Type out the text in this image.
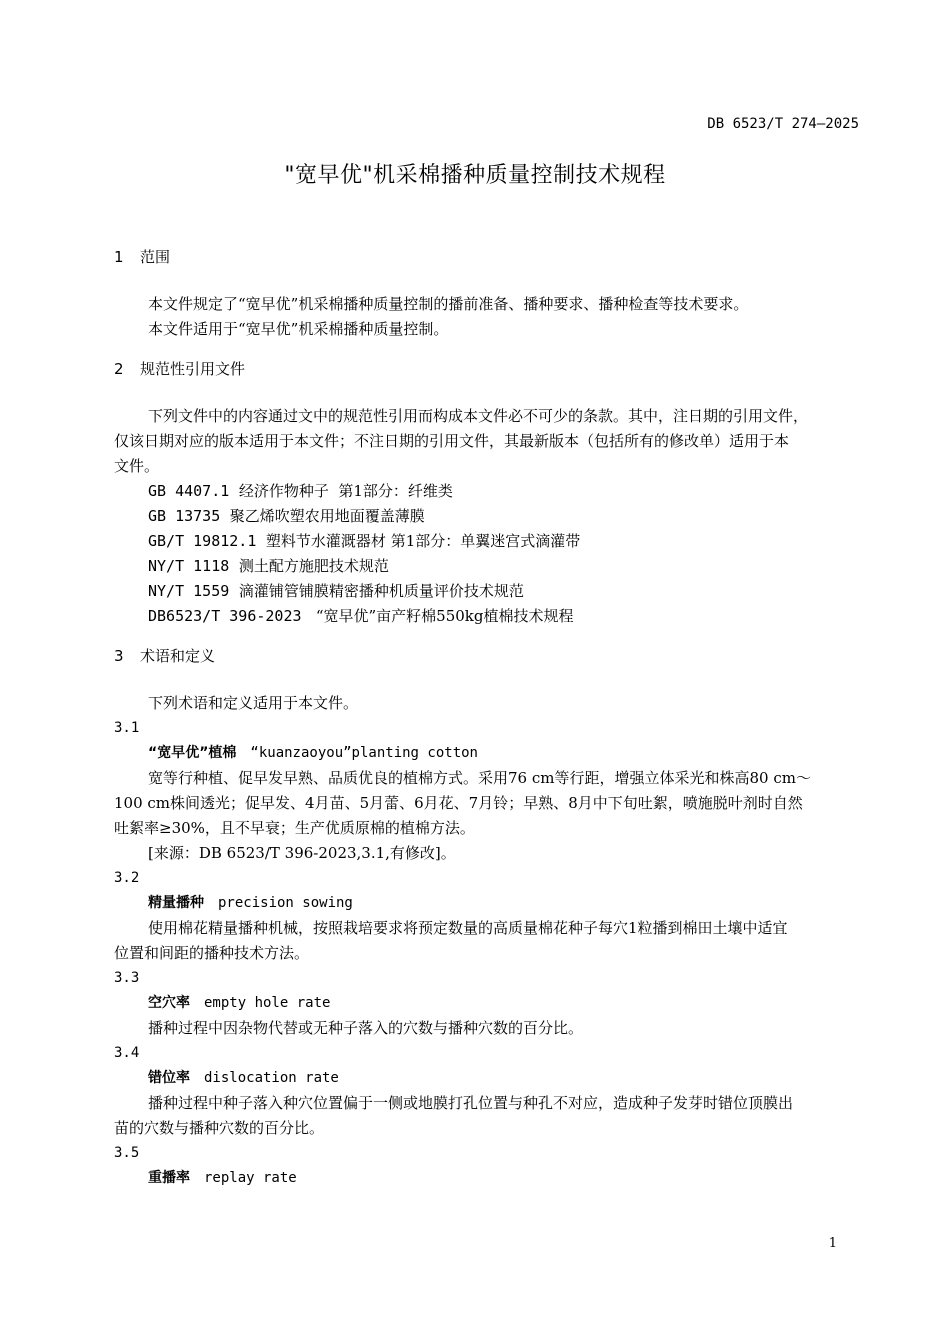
DB 6523/T 274—2025
"宽早优"机采棉播种质量控制技术规程
1 范围
本文件规定了“宽早优”机采棉播种质量控制的播前准备、播种要求、播种检查等技术要求。
本文件适用于“宽早优”机采棉播种质量控制。
2 规范性引用文件
下列文件中的内容通过文中的规范性引用而构成本文件必不可少的条款。其中，注日期的引用文件，
仅该日期对应的版本适用于本文件；不注日期的引用文件，其最新版本（包括所有的修改单）适用于本
文件。
GB 4407.1 经济作物种子  第1部分：纤维类
GB 13735 聚乙烯吹塑农用地面覆盖薄膜
GB/T 19812.1 塑料节水灌溉器材 第1部分：单翼迷宫式滴灌带
NY/T 1118 测土配方施肥技术规范
NY/T 1559 滴灌铺管铺膜精密播种机质量评价技术规范
DB6523/T 396-2023 “宽早优”亩产籽棉550kg植棉技术规程
3 术语和定义
下列术语和定义适用于本文件。
3.1
“宽早优”植棉 “kuanzaoyou”planting cotton
宽等行种植、促早发早熟、品质优良的植棉方式。采用76 cm等行距，增强立体采光和株高80 cm～
100 cm株间透光；促早发、4月苗、5月蕾、6月花、7月铃；早熟、8月中下旬吐絮，喷施脱叶剂时自然
吐絮率≥30%，且不早衰；生产优质原棉的植棉方法。
[来源：DB 6523/T 396-2023,3.1,有修改]。
3.2
精量播种 precision sowing
使用棉花精量播种机械，按照栽培要求将预定数量的高质量棉花种子每穴1粒播到棉田土壤中适宜
位置和间距的播种技术方法。
3.3
空穴率 empty hole rate
播种过程中因杂物代替或无种子落入的穴数与播种穴数的百分比。
3.4
错位率 dislocation rate
播种过程中种子落入种穴位置偏于一侧或地膜打孔位置与种孔不对应，造成种子发芽时错位顶膜出
苗的穴数与播种穴数的百分比。
3.5
重播率 replay rate
1
